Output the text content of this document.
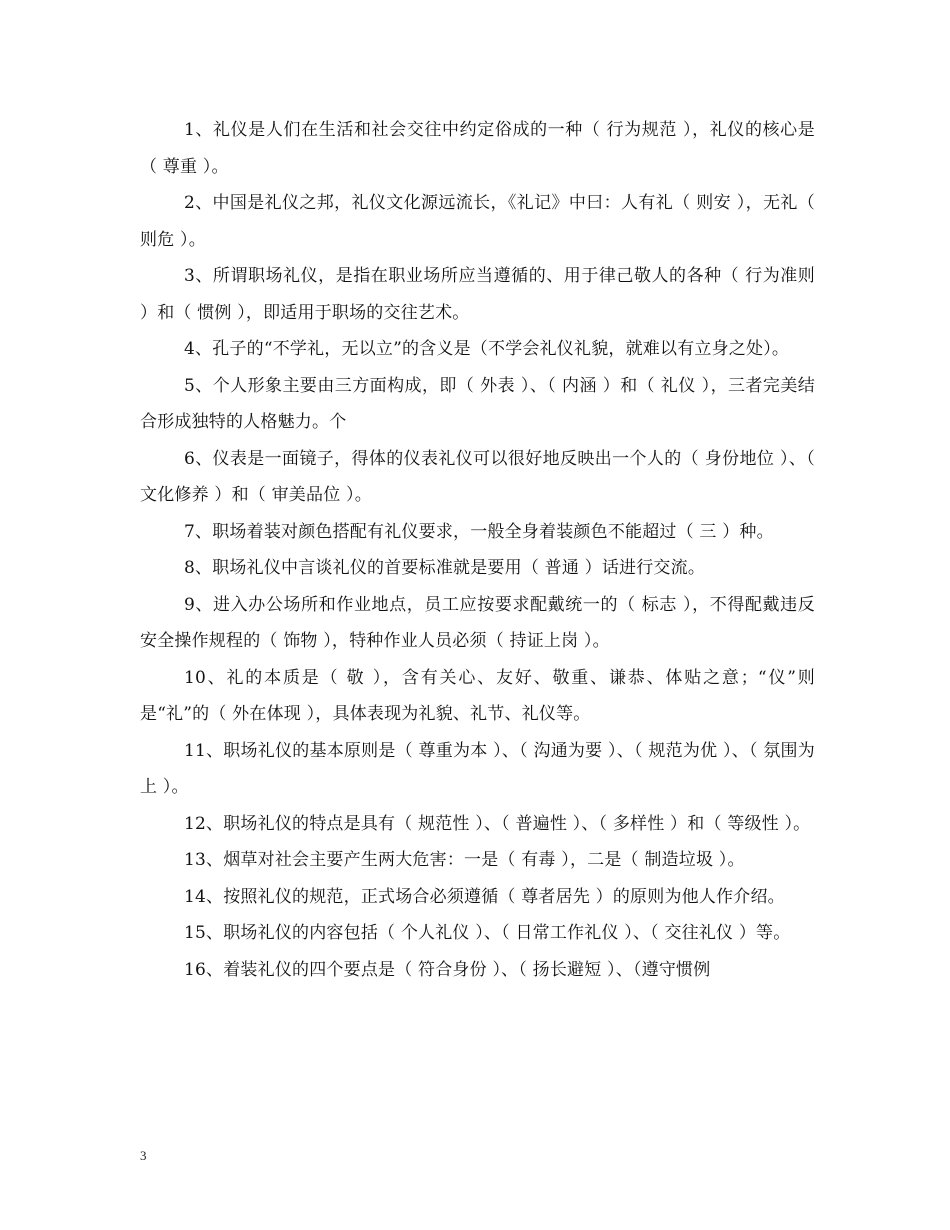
1、礼仪是人们在生活和社会交往中约定俗成的一种（ 行为规范 ），礼仪的核心是（ 尊重 ）。

2、中国是礼仪之邦，礼仪文化源远流长，《礼记》中曰：人有礼（ 则安 ），无礼（ 则危 ）。

3、所谓职场礼仪，是指在职业场所应当遵循的、用于律己敬人的各种（ 行为准则 ）和（ 惯例 ），即适用于职场的交往艺术。

4、孔子的“不学礼，无以立”的含义是（不学会礼仪礼貌，就难以有立身之处）。

5、个人形象主要由三方面构成，即（ 外表 ）、（ 内涵 ）和（ 礼仪 ），三者完美结合形成独特的人格魅力。个

6、仪表是一面镜子，得体的仪表礼仪可以很好地反映出一个人的（ 身份地位 ）、（ 文化修养 ）和（ 审美品位 ）。

7、职场着装对颜色搭配有礼仪要求，一般全身着装颜色不能超过（ 三 ）种。

8、职场礼仪中言谈礼仪的首要标准就是要用（ 普通 ）话进行交流。

9、进入办公场所和作业地点，员工应按要求配戴统一的（ 标志 ），不得配戴违反安全操作规程的（ 饰物 ），特种作业人员必须（ 持证上岗 ）。

10、礼的本质是（ 敬 ），含有关心、友好、敬重、谦恭、体贴之意；“仪”则是“礼”的（ 外在体现 ），具体表现为礼貌、礼节、礼仪等。

11、职场礼仪的基本原则是（ 尊重为本 ）、（ 沟通为要 ）、（ 规范为优 ）、（ 氛围为上 ）。

12、职场礼仪的特点是具有（ 规范性 ）、（ 普遍性 ）、（ 多样性 ）和（ 等级性 ）。

13、烟草对社会主要产生两大危害：一是（ 有毒 ），二是（ 制造垃圾 ）。

14、按照礼仪的规范，正式场合必须遵循（ 尊者居先 ）的原则为他人作介绍。

15、职场礼仪的内容包括（ 个人礼仪 ）、（ 日常工作礼仪 ）、（ 交往礼仪 ）等。

16、着装礼仪的四个要点是（ 符合身份 ）、（ 扬长避短 ）、（遵守惯例

3
